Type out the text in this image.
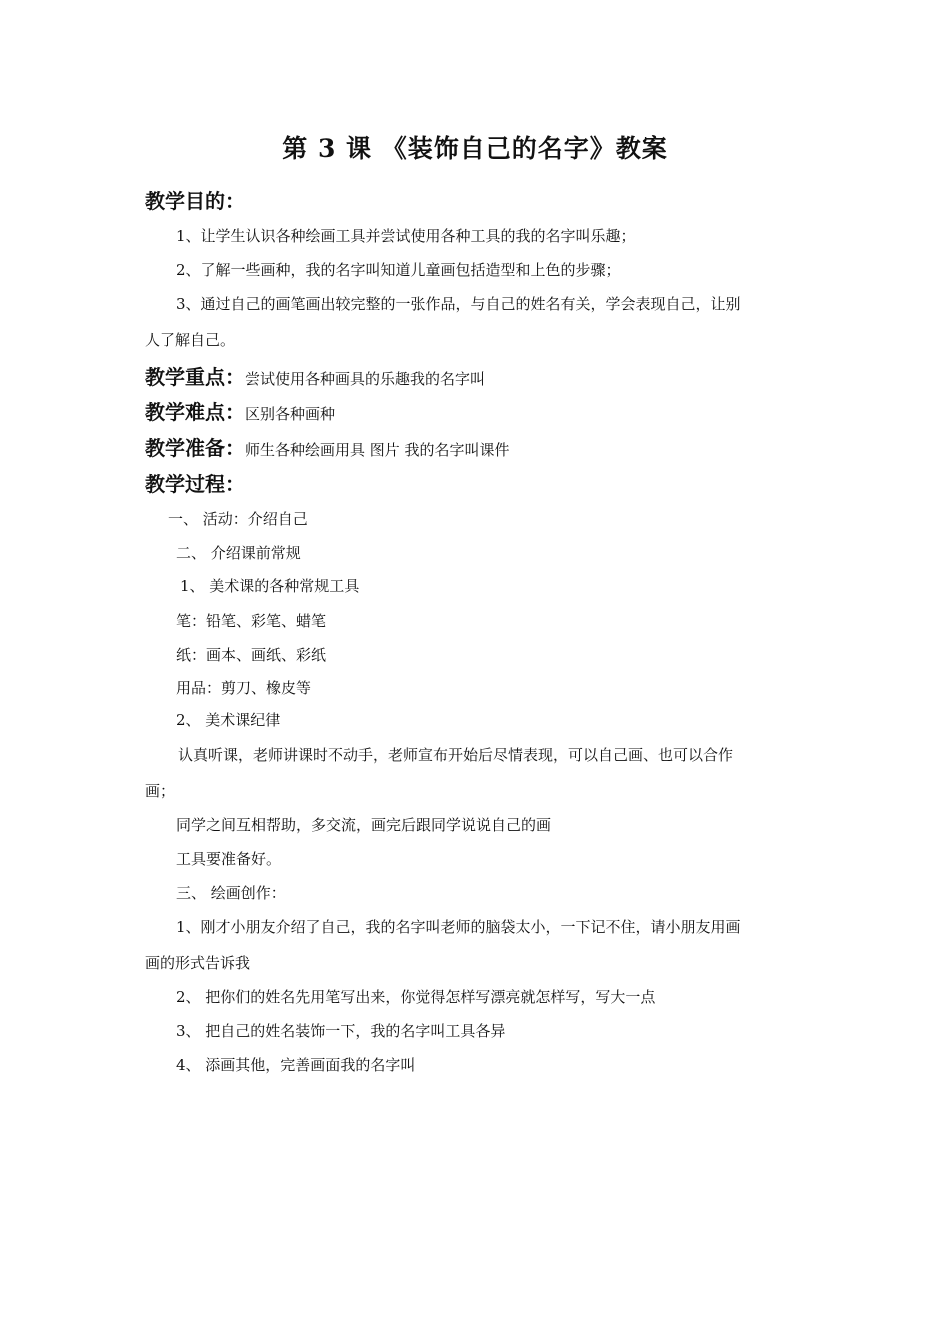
第 3 课 《装饰自己的名字》教案
教学目的：
1、让学生认识各种绘画工具并尝试使用各种工具的我的名字叫乐趣；
2、了解一些画种，我的名字叫知道儿童画包括造型和上色的步骤；
3、通过自己的画笔画出较完整的一张作品，与自己的姓名有关，学会表现自己，让别
人了解自己。
教学重点：尝试使用各种画具的乐趣我的名字叫
教学难点：区别各种画种
教学准备：师生各种绘画用具 图片 我的名字叫课件
教学过程：
一、 活动：介绍自己
二、 介绍课前常规
1、 美术课的各种常规工具
笔：铅笔、彩笔、蜡笔
纸：画本、画纸、彩纸
用品：剪刀、橡皮等
2、 美术课纪律
认真听课，老师讲课时不动手，老师宣布开始后尽情表现，可以自己画、也可以合作
画；
同学之间互相帮助，多交流，画完后跟同学说说自己的画
工具要准备好。
三、 绘画创作：
1、刚才小朋友介绍了自己，我的名字叫老师的脑袋太小，一下记不住，请小朋友用画
画的形式告诉我
2、 把你们的姓名先用笔写出来，你觉得怎样写漂亮就怎样写，写大一点
3、 把自己的姓名装饰一下，我的名字叫工具各异
4、 添画其他，完善画面我的名字叫
